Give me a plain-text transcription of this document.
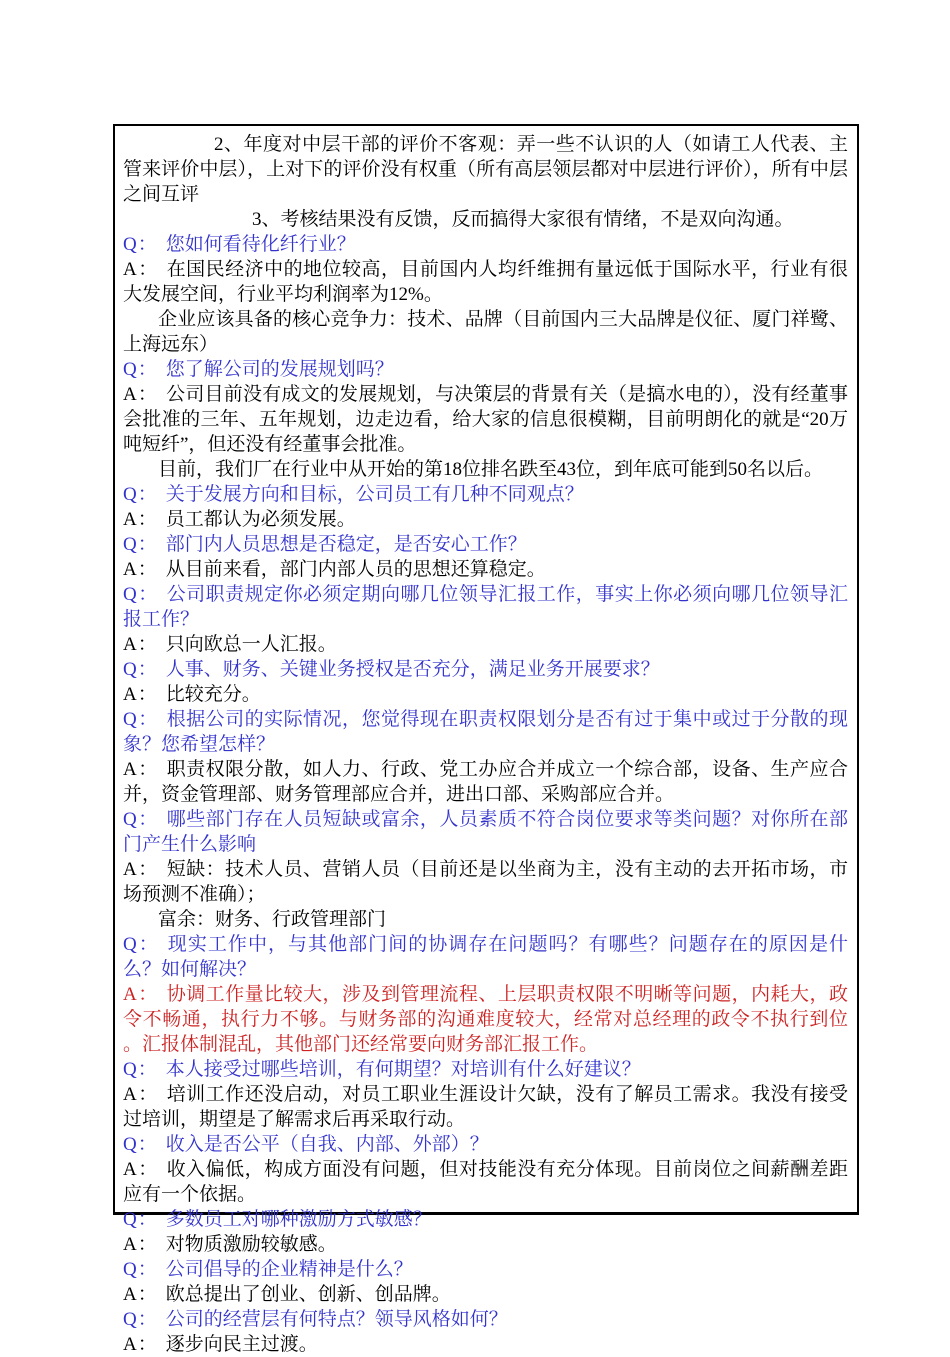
2、年度对中层干部的评价不客观：弄一些不认识的人（如请工人代表、主管来评价中层），上对下的评价没有权重（所有高层领层都对中层进行评价），所有中层之间互评

3、考核结果没有反馈，反而搞得大家很有情绪，不是双向沟通。

Q： 您如何看待化纤行业？

A： 在国民经济中的地位较高，目前国内人均纤维拥有量远低于国际水平，行业有很大发展空间，行业平均利润率为12%。

企业应该具备的核心竞争力：技术、品牌（目前国内三大品牌是仪征、厦门祥鹭、上海远东）

Q： 您了解公司的发展规划吗？

A： 公司目前没有成文的发展规划，与决策层的背景有关（是搞水电的），没有经董事会批准的三年、五年规划，边走边看，给大家的信息很模糊，目前明朗化的就是“20万吨短纤”，但还没有经董事会批准。

目前，我们厂在行业中从开始的第18位排名跌至43位，到年底可能到50名以后。

Q： 关于发展方向和目标，公司员工有几种不同观点？

A： 员工都认为必须发展。

Q： 部门内人员思想是否稳定，是否安心工作？

A： 从目前来看，部门内部人员的思想还算稳定。

Q： 公司职责规定你必须定期向哪几位领导汇报工作，事实上你必须向哪几位领导汇报工作？

A： 只向欧总一人汇报。

Q： 人事、财务、关键业务授权是否充分，满足业务开展要求？

A： 比较充分。

Q： 根据公司的实际情况，您觉得现在职责权限划分是否有过于集中或过于分散的现象？您希望怎样？

A： 职责权限分散，如人力、行政、党工办应合并成立一个综合部，设备、生产应合并，资金管理部、财务管理部应合并，进出口部、采购部应合并。

Q： 哪些部门存在人员短缺或富余，人员素质不符合岗位要求等类问题？对你所在部门产生什么影响

A： 短缺：技术人员、营销人员（目前还是以坐商为主，没有主动的去开拓市场，市场预测不准确）；

富余：财务、行政管理部门

Q： 现实工作中，与其他部门间的协调存在问题吗？有哪些？问题存在的原因是什么？如何解决？

A： 协调工作量比较大，涉及到管理流程、上层职责权限不明晰等问题，内耗大，政令不畅通，执行力不够。与财务部的沟通难度较大，经常对总经理的政令不执行到位 。汇报体制混乱，其他部门还经常要向财务部汇报工作。

Q： 本人接受过哪些培训，有何期望？对培训有什么好建议？

A： 培训工作还没启动，对员工职业生涯设计欠缺，没有了解员工需求。我没有接受过培训，期望是了解需求后再采取行动。

Q： 收入是否公平（自我、内部、外部）？

A： 收入偏低，构成方面没有问题，但对技能没有充分体现。目前岗位之间薪酬差距应有一个依据。

Q： 多数员工对哪种激励方式敏感？

A： 对物质激励较敏感。

Q： 公司倡导的企业精神是什么？

A： 欧总提出了创业、创新、创品牌。

Q： 公司的经营层有何特点？领导风格如何？

A： 逐步向民主过渡。
